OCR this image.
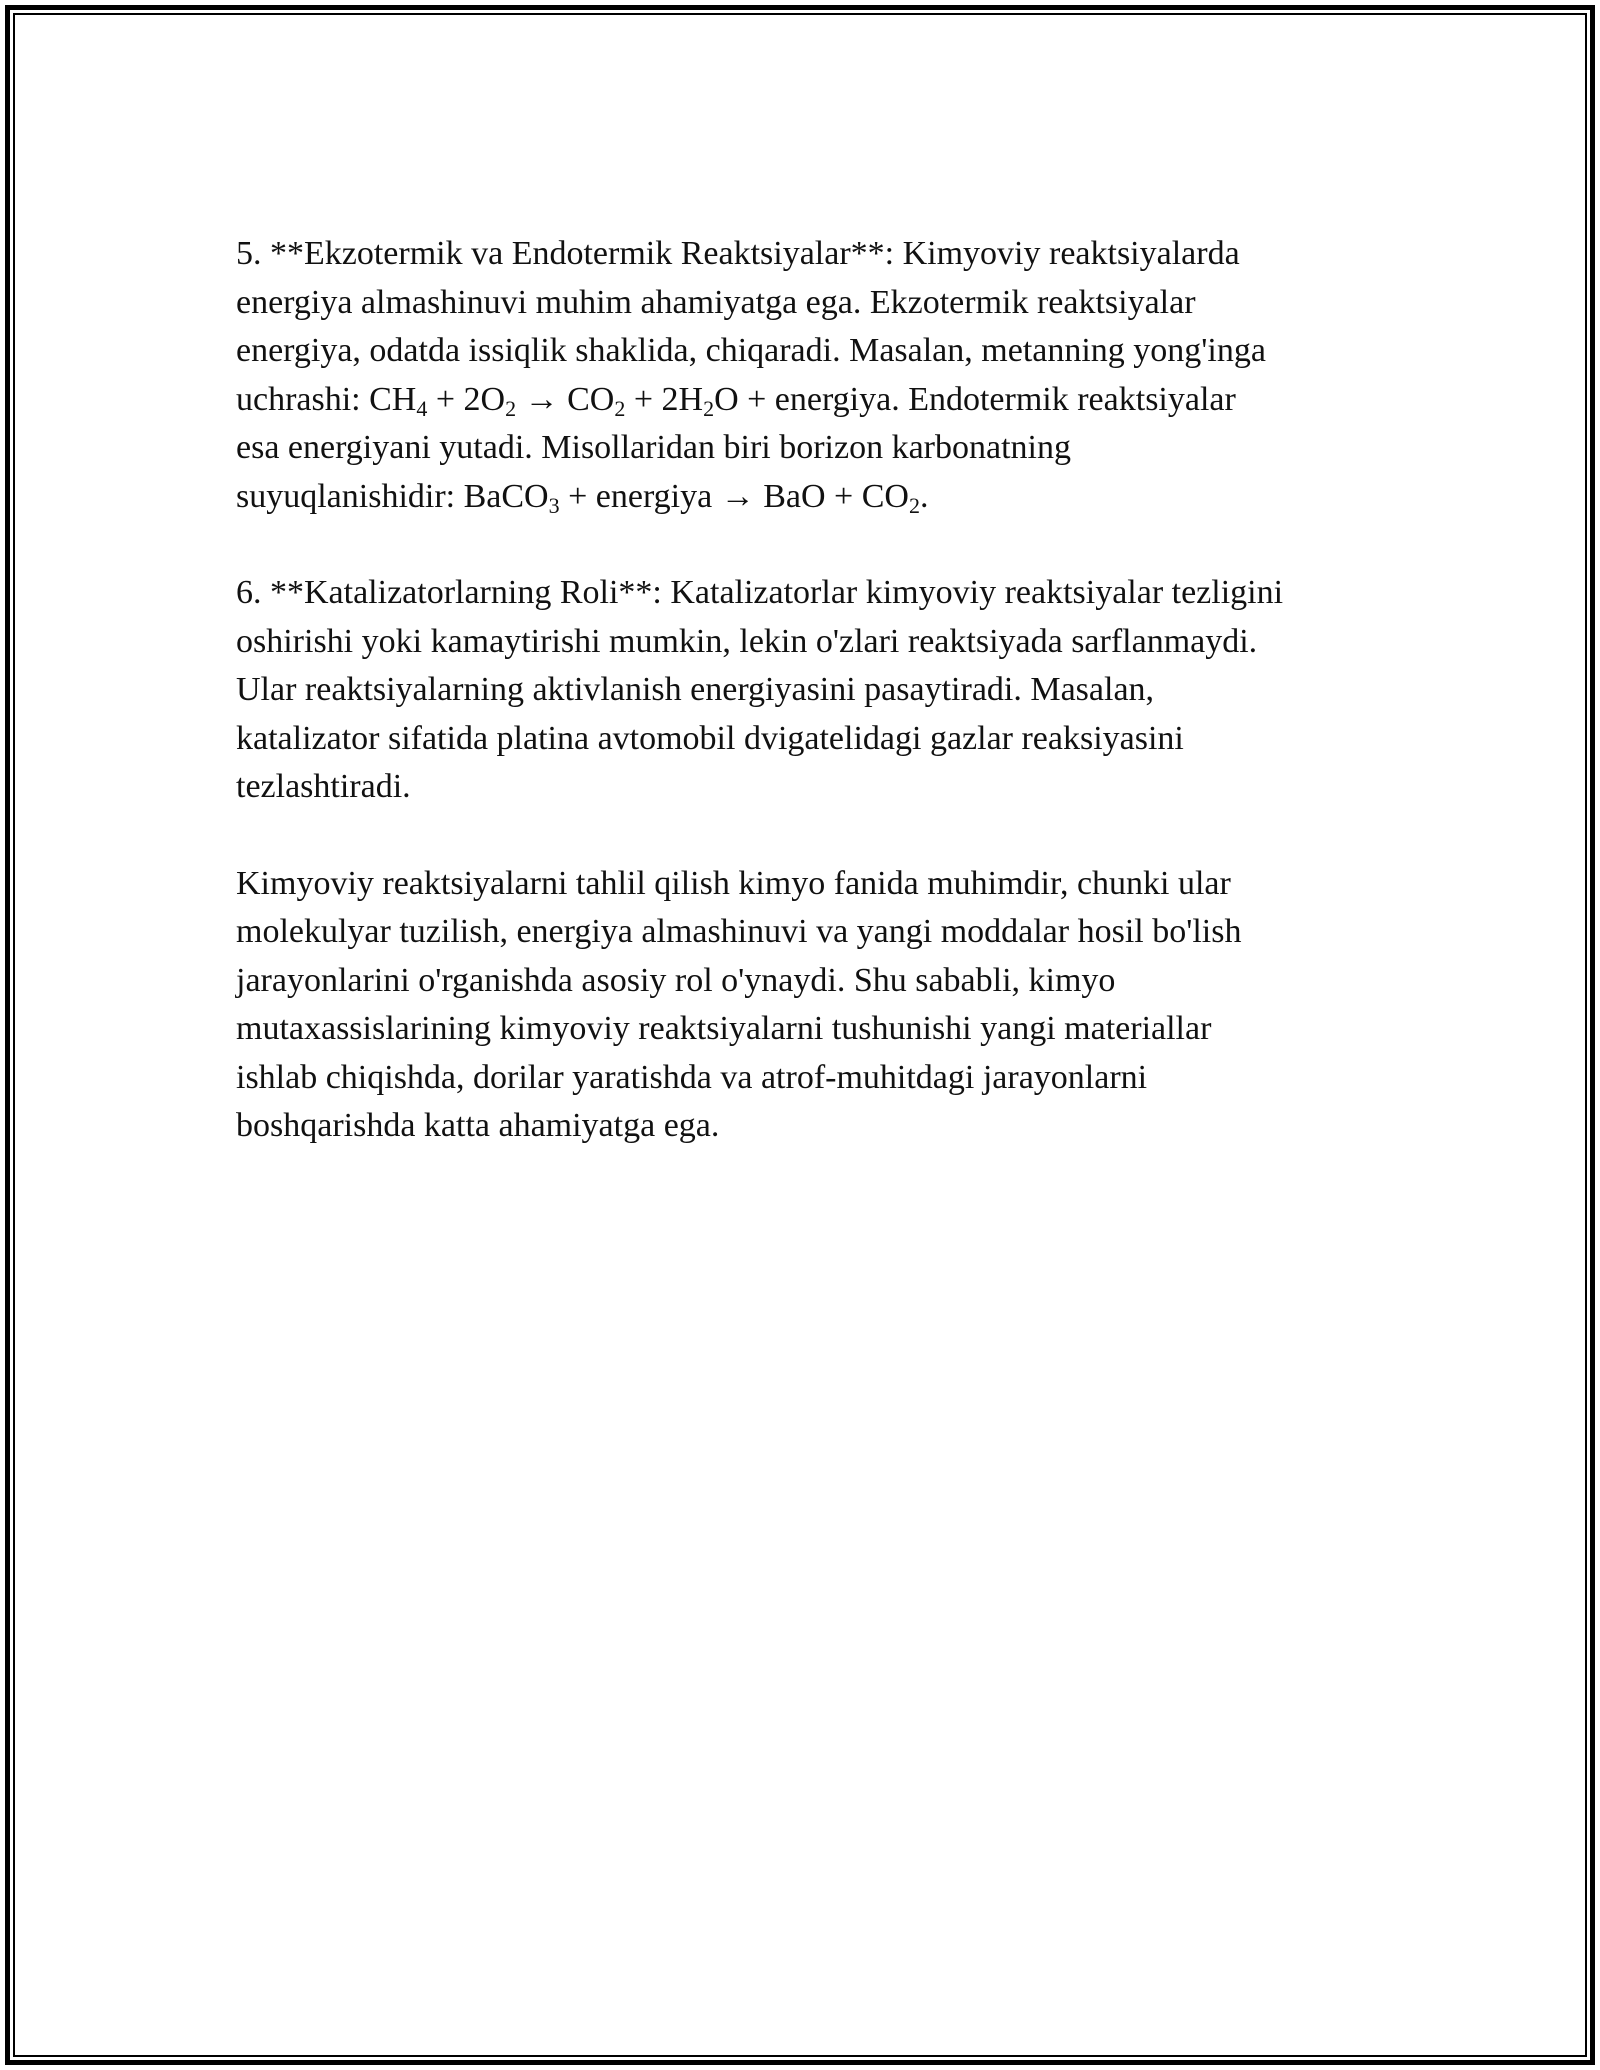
5. **Ekzotermik va Endotermik Reaktsiyalar**: Kimyoviy reaktsiyalarda
energiya almashinuvi muhim ahamiyatga ega. Ekzotermik reaktsiyalar
energiya, odatda issiqlik shaklida, chiqaradi. Masalan, metanning yong'inga
uchrashi: $CH_4 + 2O_2 \to CO_2 + 2H_2O$ + energiya. Endotermik reaktsiyalar
esa energiyani yutadi. Misollaridan biri borizon karbonatning
suyuqlanishidir: BaCO$_3$ + energiya → BaO + $CO_2$.

6. **Katalizatorlarning Roli**: Katalizatorlar kimyoviy reaktsiyalar tezligini
oshirishi yoki kamaytirishi mumkin, lekin o'zlari reaktsiyada sarflanmaydi.
Ular reaktsiyalarning aktivlanish energiyasini pasaytiradi. Masalan,
katalizator sifatida platina avtomobil dvigatelidagi gazlar reaksiyasini
tezlashtiradi.

Kimyoviy reaktsiyalarni tahlil qilish kimyo fanida muhimdir, chunki ular
molekulyar tuzilish, energiya almashinuvi va yangi moddalar hosil bo'lish
jarayonlarini o'rganishda asosiy rol o'ynaydi. Shu sababli, kimyo
mutaxassislarining kimyoviy reaktsiyalarni tushunishi yangi materiallar
ishlab chiqishda, dorilar yaratishda va atrof-muhitdagi jarayonlarni
boshqarishda katta ahamiyatga ega.
